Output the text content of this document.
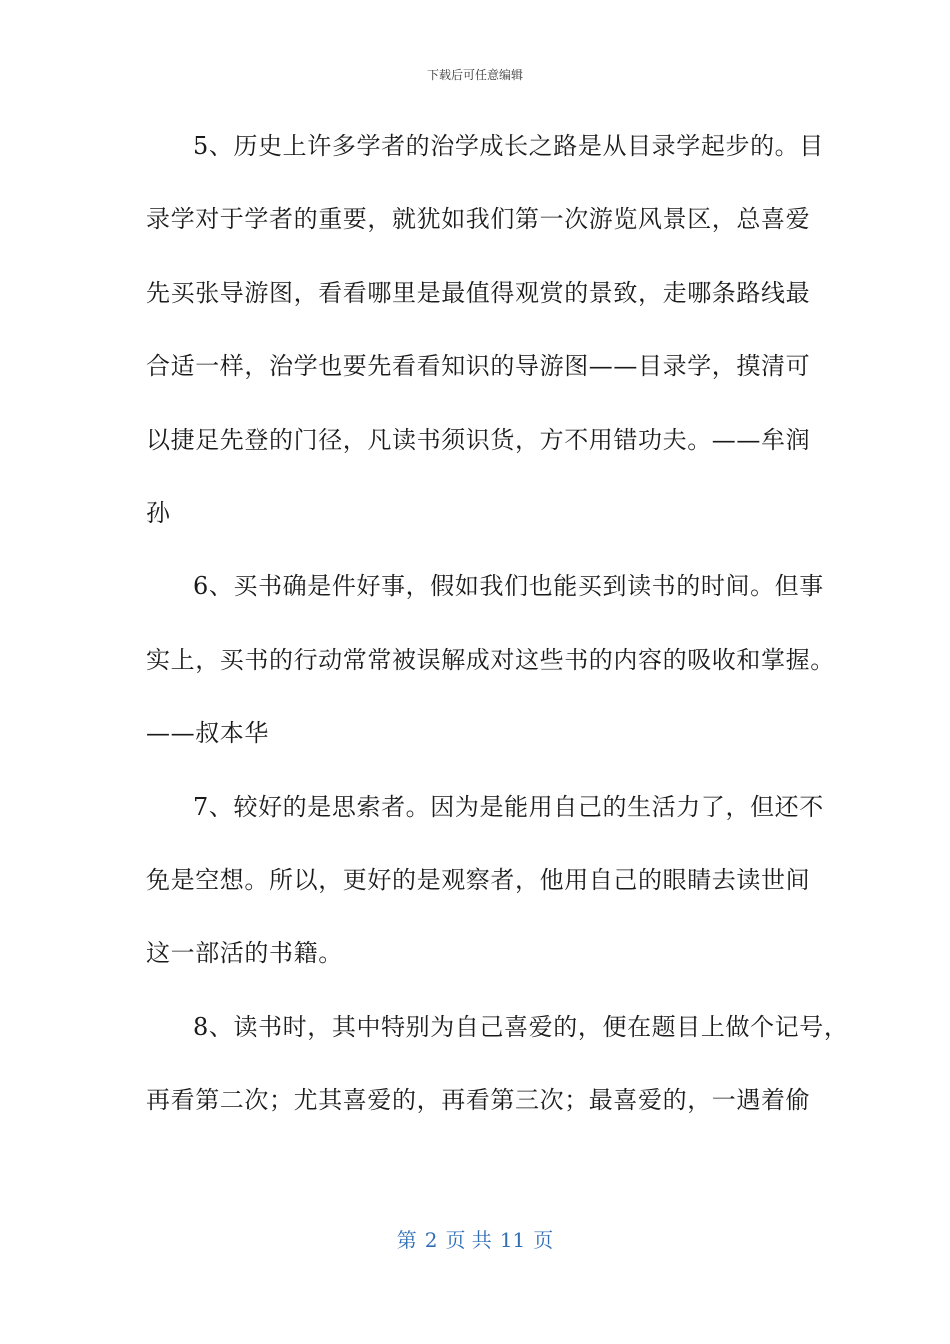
下载后可任意编辑
5、历史上许多学者的治学成长之路是从目录学起步的。目
录学对于学者的重要，就犹如我们第一次游览风景区，总喜爱
先买张导游图，看看哪里是最值得观赏的景致，走哪条路线最
合适一样，治学也要先看看知识的导游图——目录学，摸清可
以捷足先登的门径，凡读书须识货，方不用错功夫。——牟润
孙
6、买书确是件好事，假如我们也能买到读书的时间。但事
实上，买书的行动常常被误解成对这些书的内容的吸收和掌握。
——叔本华
7、较好的是思索者。因为是能用自己的生活力了，但还不
免是空想。所以，更好的是观察者，他用自己的眼睛去读世间
这一部活的书籍。
8、读书时，其中特别为自己喜爱的，便在题目上做个记号，
再看第二次；尤其喜爱的，再看第三次；最喜爱的，一遇着偷
第 2 页 共 11 页
